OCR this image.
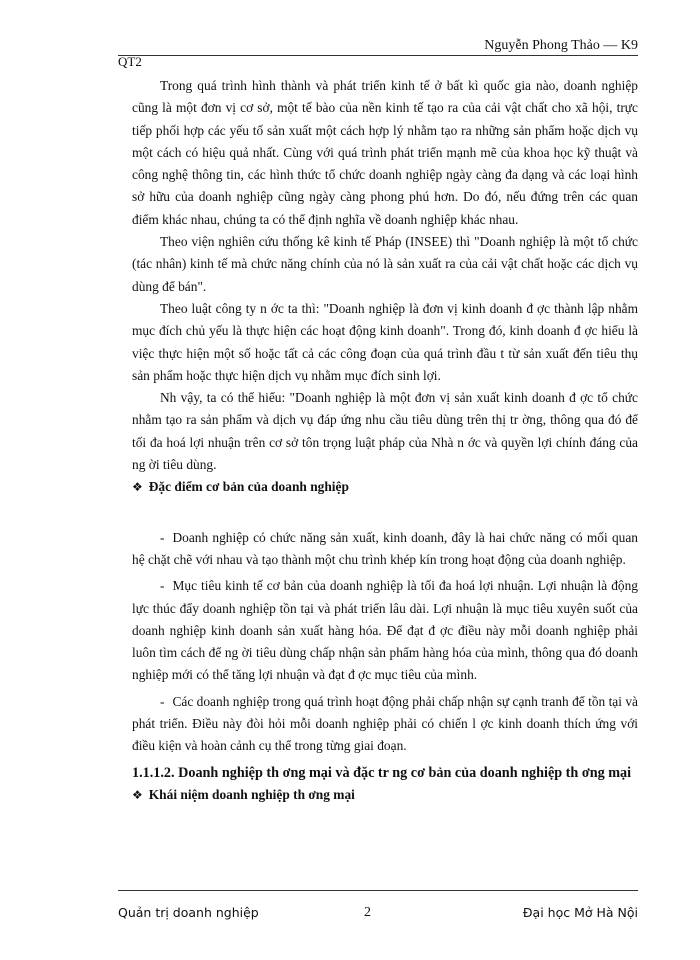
Nguyễn Phong Thảo — K9
QT2

Trong quá trình hình thành và phát triển kinh tế ở bất kì quốc gia nào, doanh nghiệp cũng là một đơn vị cơ sở, một tế bào của nền kinh tế tạo ra của cải vật chất cho xã hội, trực tiếp phối hợp các yếu tố sản xuất một cách hợp lý nhằm tạo ra những sản phẩm hoặc dịch vụ một cách có hiệu quả nhất. Cùng với quá trình phát triển mạnh mẽ của khoa học kỹ thuật và công nghệ thông tin, các hình thức tổ chức doanh nghiệp ngày càng đa dạng và các loại hình sở hữu của doanh nghiệp cũng ngày càng phong phú hơn. Do đó, nếu đứng trên các quan điểm khác nhau, chúng ta có thể định nghĩa về doanh nghiệp khác nhau.

Theo viện nghiên cứu thống kê kinh tế Pháp (INSEE) thì "Doanh nghiệp là một tổ chức (tác nhân) kinh tế mà chức năng chính của nó là sản xuất ra của cải vật chất hoặc các dịch vụ dùng để bán".

Theo luật công ty n ớc ta thì: "Doanh nghiệp là đơn vị kinh doanh đ ợc thành lập nhằm mục đích chủ yếu là thực hiện các hoạt động kinh doanh". Trong đó, kinh doanh đ ợc hiểu là việc thực hiện một số hoặc tất cả các công đoạn của quá trình đầu t từ sản xuất đến tiêu thụ sản phẩm hoặc thực hiện dịch vụ nhằm mục đích sinh lợi.

Nh vậy, ta có thể hiểu: "Doanh nghiệp là một đơn vị sản xuất kinh doanh đ ợc tổ chức nhằm tạo ra sản phẩm và dịch vụ đáp ứng nhu cầu tiêu dùng trên thị tr ờng, thông qua đó để tối đa hoá lợi nhuận trên cơ sở tôn trọng luật pháp của Nhà n ớc và quyền lợi chính đáng của ng ời tiêu dùng.

❖ Đặc điểm cơ bản của doanh nghiệp

- Doanh nghiệp có chức năng sản xuất, kinh doanh, đây là hai chức năng có mối quan hệ chặt chẽ với nhau và tạo thành một chu trình khép kín trong hoạt động của doanh nghiệp.

- Mục tiêu kinh tế cơ bản của doanh nghiệp là tối đa hoá lợi nhuận. Lợi nhuận là động lực thúc đẩy doanh nghiệp tồn tại và phát triển lâu dài. Lợi nhuận là mục tiêu xuyên suốt của doanh nghiệp kinh doanh sản xuất hàng hóa. Để đạt đ ợc điều này mỗi doanh nghiệp phải luôn tìm cách để ng ời tiêu dùng chấp nhận sản phẩm hàng hóa của mình, thông qua đó doanh nghiệp mới có thể tăng lợi nhuận và đạt đ ợc mục tiêu của mình.

- Các doanh nghiệp trong quá trình hoạt động phải chấp nhận sự cạnh tranh để tồn tại và phát triển. Điều này đòi hỏi mỗi doanh nghiệp phải có chiến l ợc kinh doanh thích ứng với điều kiện và hoàn cảnh cụ thể trong từng giai đoạn.

1.1.1.2. Doanh nghiệp th ơng mại và đặc tr ng cơ bản của doanh nghiệp th ơng mại

❖ Khái niệm doanh nghiệp th ơng mại

Quản trị doanh nghiệp	2	Đại học Mở Hà Nội
